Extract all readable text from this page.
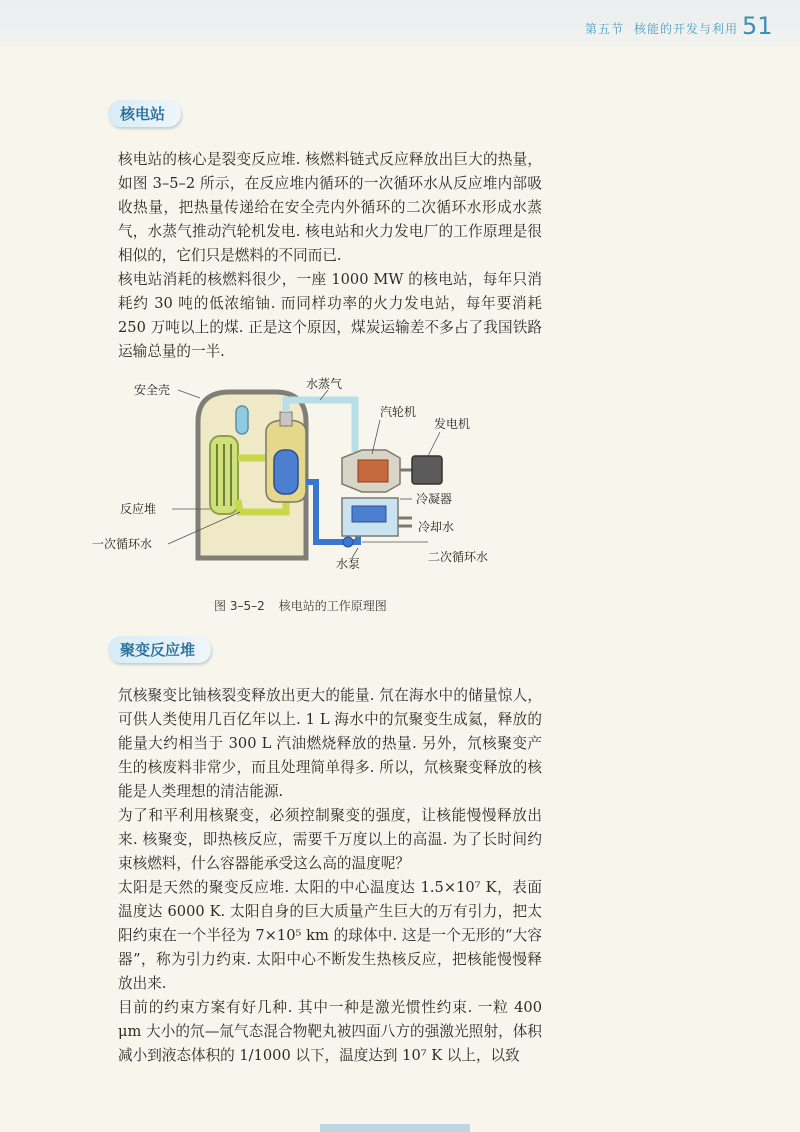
第五节 核能的开发与利用 51
核电站
核电站的核心是裂变反应堆. 核燃料链式反应释放出巨大的热量，如图 3–5–2 所示，在反应堆内循环的一次循环水从反应堆内部吸收热量，把热量传递给在安全壳内外循环的二次循环水形成水蒸气，水蒸气推动汽轮机发电. 核电站和火力发电厂的工作原理是很相似的，它们只是燃料的不同而已.
核电站消耗的核燃料很少，一座 1000 MW 的核电站，每年只消耗约 30 吨的低浓缩铀. 而同样功率的火力发电站，每年要消耗 250 万吨以上的煤. 正是这个原因，煤炭运输差不多占了我国铁路运输总量的一半.
安全壳	水蒸气
汽轮机
发电机
反应堆
冷凝器
冷却水
一次循环水
水泵	二次循环水
图 3–5–2 核电站的工作原理图
聚变反应堆
氘核聚变比铀核裂变释放出更大的能量. 氘在海水中的储量惊人，可供人类使用几百亿年以上. 1 L 海水中的氘聚变生成氦，释放的能量大约相当于 300 L 汽油燃烧释放的热量. 另外，氘核聚变产生的核废料非常少，而且处理简单得多. 所以，氘核聚变释放的核能是人类理想的清洁能源.
为了和平利用核聚变，必须控制聚变的强度，让核能慢慢释放出来. 核聚变，即热核反应，需要千万度以上的高温. 为了长时间约束核燃料，什么容器能承受这么高的温度呢？
太阳是天然的聚变反应堆. 太阳的中心温度达 1.5×10⁷ K，表面温度达 6000 K. 太阳自身的巨大质量产生巨大的万有引力，把太阳约束在一个半径为 7×10⁵ km 的球体中. 这是一个无形的“大容器”，称为引力约束. 太阳中心不断发生热核反应，把核能慢慢释放出来.
目前的约束方案有好几种. 其中一种是激光惯性约束. 一粒 400 μm 大小的氘—氚气态混合物靶丸被四面八方的强激光照射，体积减小到液态体积的 1/1000 以下，温度达到 10⁷ K 以上，以致
